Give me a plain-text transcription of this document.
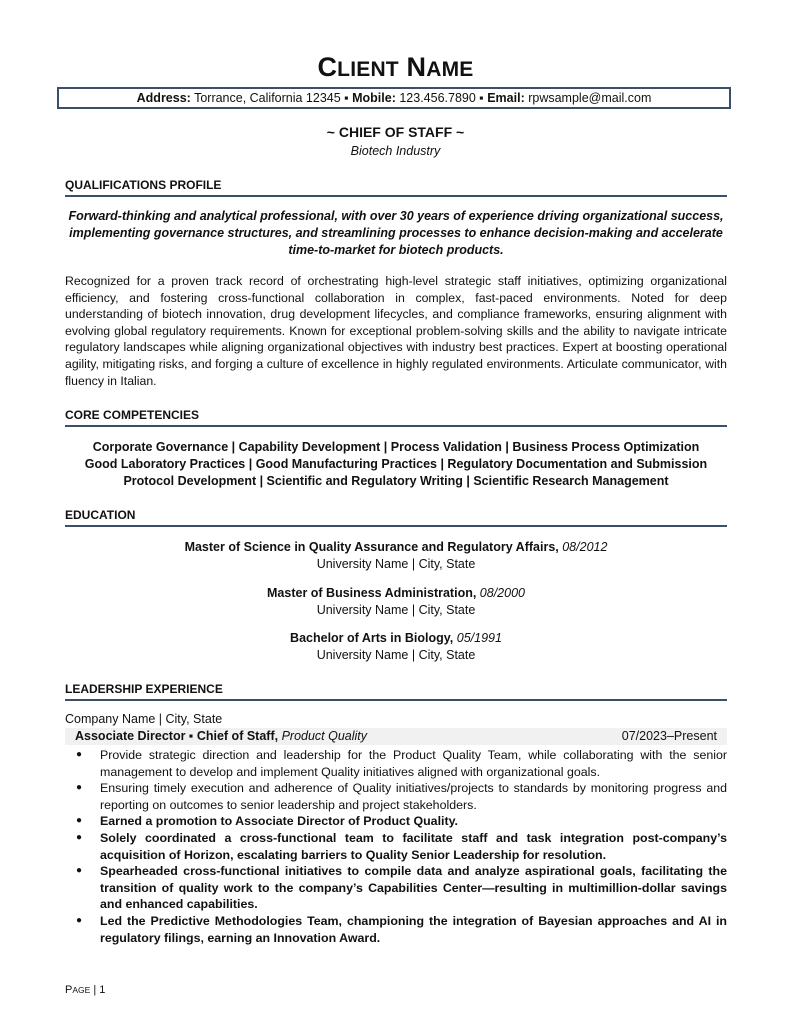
CLIENT NAME
Address: Torrance, California 12345 ▪ Mobile: 123.456.7890 ▪ Email: rpwsample@mail.com
~ CHIEF OF STAFF ~
Biotech Industry
QUALIFICATIONS PROFILE
Forward-thinking and analytical professional, with over 30 years of experience driving organizational success, implementing governance structures, and streamlining processes to enhance decision-making and accelerate time-to-market for biotech products.
Recognized for a proven track record of orchestrating high-level strategic staff initiatives, optimizing organizational efficiency, and fostering cross-functional collaboration in complex, fast-paced environments. Noted for deep understanding of biotech innovation, drug development lifecycles, and compliance frameworks, ensuring alignment with evolving global regulatory requirements. Known for exceptional problem-solving skills and the ability to navigate intricate regulatory landscapes while aligning organizational objectives with industry best practices. Expert at boosting operational agility, mitigating risks, and forging a culture of excellence in highly regulated environments. Articulate communicator, with fluency in Italian.
CORE COMPETENCIES
Corporate Governance | Capability Development | Process Validation | Business Process Optimization
Good Laboratory Practices | Good Manufacturing Practices | Regulatory Documentation and Submission
Protocol Development | Scientific and Regulatory Writing | Scientific Research Management
EDUCATION
Master of Science in Quality Assurance and Regulatory Affairs, 08/2012
University Name | City, State
Master of Business Administration, 08/2000
University Name | City, State
Bachelor of Arts in Biology, 05/1991
University Name | City, State
LEADERSHIP EXPERIENCE
Company Name | City, State
Associate Director ▪ Chief of Staff, Product Quality	07/2023–Present
● Provide strategic direction and leadership for the Product Quality Team, while collaborating with the senior management to develop and implement Quality initiatives aligned with organizational goals.
● Ensuring timely execution and adherence of Quality initiatives/projects to standards by monitoring progress and reporting on outcomes to senior leadership and project stakeholders.
● Earned a promotion to Associate Director of Product Quality.
● Solely coordinated a cross-functional team to facilitate staff and task integration post-company’s acquisition of Horizon, escalating barriers to Quality Senior Leadership for resolution.
● Spearheaded cross-functional initiatives to compile data and analyze aspirational goals, facilitating the transition of quality work to the company’s Capabilities Center—resulting in multimillion-dollar savings and enhanced capabilities.
● Led the Predictive Methodologies Team, championing the integration of Bayesian approaches and AI in regulatory filings, earning an Innovation Award.
PAGE | 1
